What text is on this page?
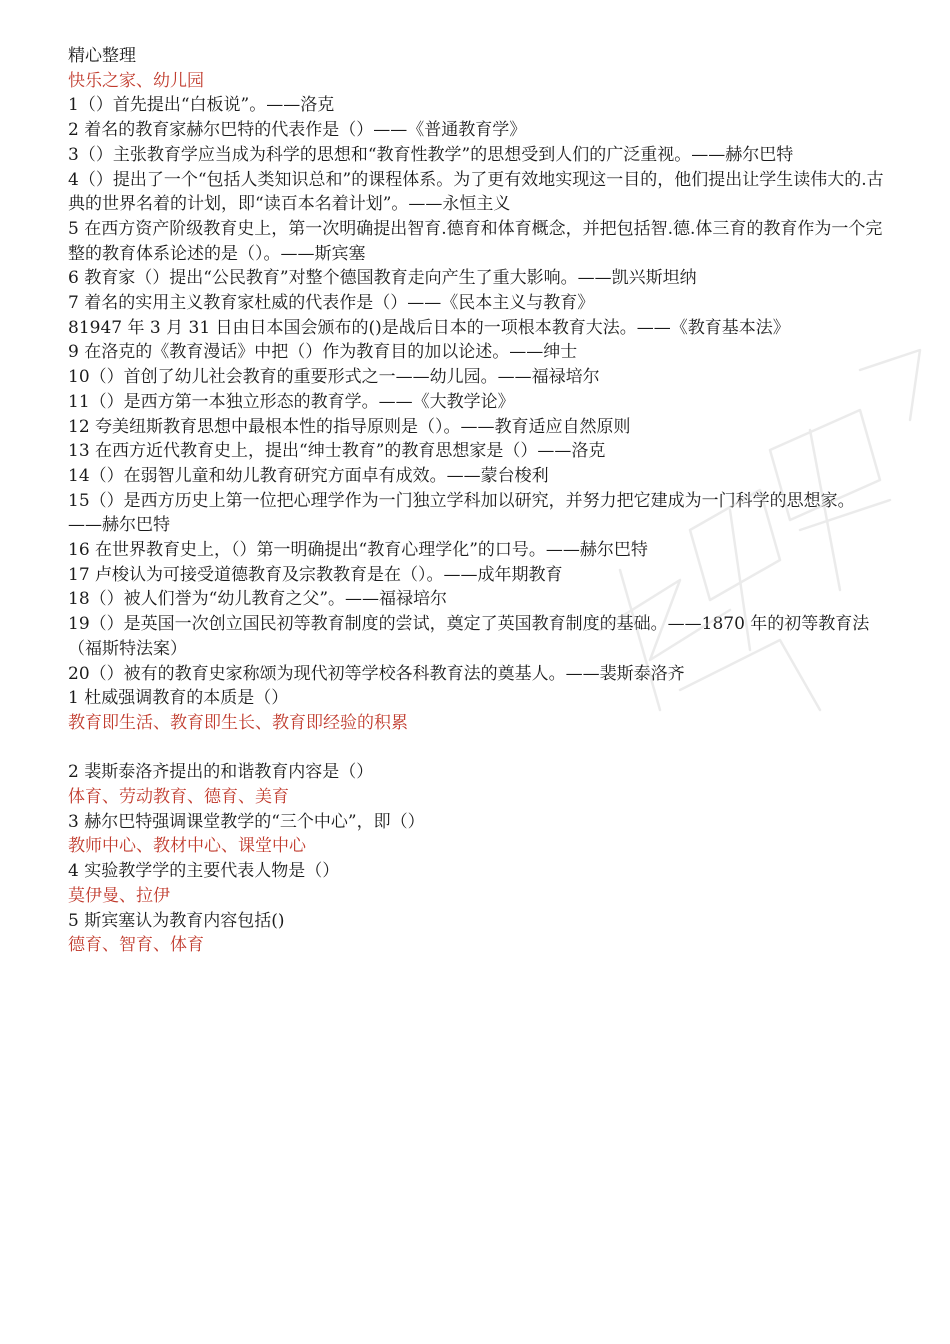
精心整理

快乐之家、幼儿园

1（）首先提出“白板说”。——洛克

2 着名的教育家赫尔巴特的代表作是（）——《普通教育学》

3（）主张教育学应当成为科学的思想和“教育性教学”的思想受到人们的广泛重视。——赫尔巴特

4（）提出了一个“包括人类知识总和”的课程体系。为了更有效地实现这一目的，他们提出让学生读伟大的.古典的世界名着的计划，即“读百本名着计划”。——永恒主义

5 在西方资产阶级教育史上，第一次明确提出智育.德育和体育概念，并把包括智.德.体三育的教育作为一个完整的教育体系论述的是（）。——斯宾塞

6 教育家（）提出“公民教育”对整个德国教育走向产生了重大影响。——凯兴斯坦纳

7 着名的实用主义教育家杜威的代表作是（）——《民本主义与教育》

81947 年 3 月 31 日由日本国会颁布的()是战后日本的一项根本教育大法。——《教育基本法》

9 在洛克的《教育漫话》中把（）作为教育目的加以论述。——绅士

10（）首创了幼儿社会教育的重要形式之一——幼儿园。——福禄培尔

11（）是西方第一本独立形态的教育学。——《大教学论》

12 夸美纽斯教育思想中最根本性的指导原则是（）。——教育适应自然原则

13 在西方近代教育史上，提出“绅士教育”的教育思想家是（）——洛克

14（）在弱智儿童和幼儿教育研究方面卓有成效。——蒙台梭利

15（）是西方历史上第一位把心理学作为一门独立学科加以研究，并努力把它建成为一门科学的思想家。——赫尔巴特

16 在世界教育史上，（）第一明确提出“教育心理学化”的口号。——赫尔巴特

17 卢梭认为可接受道德教育及宗教教育是在（）。——成年期教育

18（）被人们誉为“幼儿教育之父”。——福禄培尔

19（）是英国一次创立国民初等教育制度的尝试，奠定了英国教育制度的基础。——1870 年的初等教育法（福斯特法案）

20（）被有的教育史家称颂为现代初等学校各科教育法的奠基人。——裴斯泰洛齐

1 杜威强调教育的本质是（）

教育即生活、教育即生长、教育即经验的积累

2 裴斯泰洛齐提出的和谐教育内容是（）

体育、劳动教育、德育、美育

3 赫尔巴特强调课堂教学的“三个中心”，即（）

教师中心、教材中心、课堂中心

4 实验教学学的主要代表人物是（）

莫伊曼、拉伊

5 斯宾塞认为教育内容包括()

德育、智育、体育
